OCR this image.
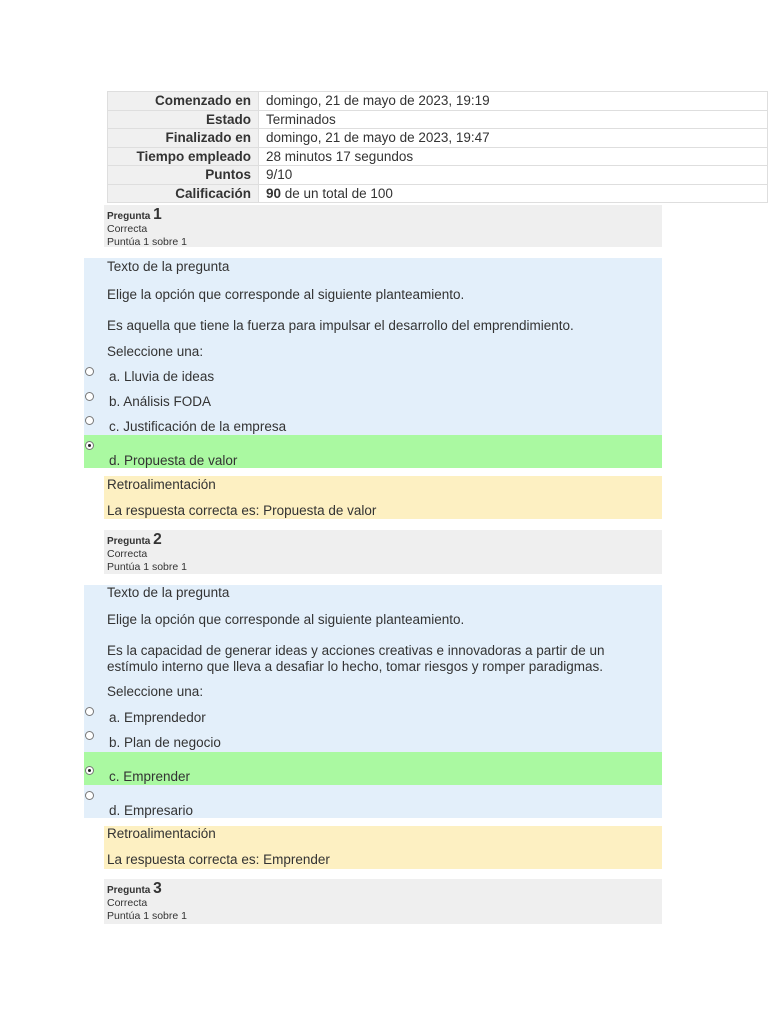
Comenzado en	domingo, 21 de mayo de 2023, 19:19
Estado	Terminados
Finalizado en	domingo, 21 de mayo de 2023, 19:47
Tiempo empleado	28 minutos 17 segundos
Puntos	9/10
Calificación	90 de un total de 100
Pregunta 1
Correcta
Puntúa 1 sobre 1
Texto de la pregunta
Elige la opción que corresponde al siguiente planteamiento.
Es aquella que tiene la fuerza para impulsar el desarrollo del emprendimiento.
Seleccione una:
a. Lluvia de ideas
b. Análisis FODA
c. Justificación de la empresa
d. Propuesta de valor
Retroalimentación
La respuesta correcta es: Propuesta de valor
Pregunta 2
Correcta
Puntúa 1 sobre 1
Texto de la pregunta
Elige la opción que corresponde al siguiente planteamiento.
Es la capacidad de generar ideas y acciones creativas e innovadoras a partir de un estímulo interno que lleva a desafiar lo hecho, tomar riesgos y romper paradigmas.
Seleccione una:
a. Emprendedor
b. Plan de negocio
c. Emprender
d. Empresario
Retroalimentación
La respuesta correcta es: Emprender
Pregunta 3
Correcta
Puntúa 1 sobre 1
